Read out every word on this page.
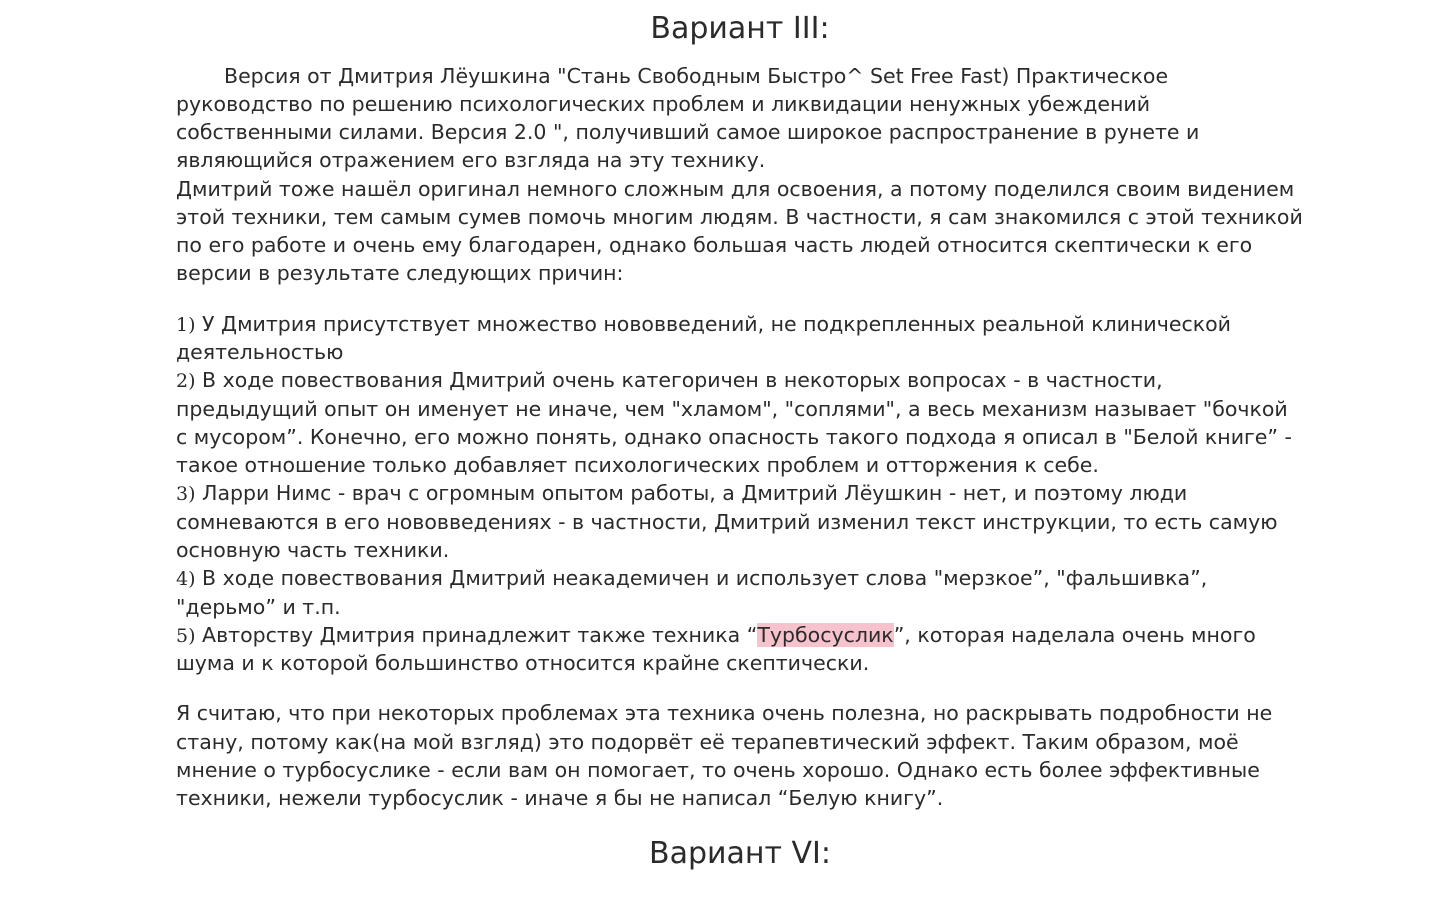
Вариант III:

Версия от Дмитрия Лёушкина "Стань Свободным Быстро^ Set Free Fast) Практическое руководство по решению психологических проблем и ликвидации ненужных убеждений собственными силами. Версия 2.0 ", получивший самое широкое распространение в рунете и являющийся отражением его взгляда на эту технику.

Дмитрий тоже нашёл оригинал немного сложным для освоения, а потому поделился своим видением этой техники, тем самым сумев помочь многим людям. В частности, я сам знакомился с этой техникой по его работе и очень ему благодарен, однако большая часть людей относится скептически к его версии в результате следующих причин:

1) У Дмитрия присутствует множество нововведений, не подкрепленных реальной клинической деятельностью

2) В ходе повествования Дмитрий очень категоричен в некоторых вопросах - в частности, предыдущий опыт он именует не иначе, чем "хламом", "соплями", а весь механизм называет "бочкой с мусором”. Конечно, его можно понять, однако опасность такого подхода я описал в "Белой книге” - такое отношение только добавляет психологических проблем и отторжения к себе.

3) Ларри Нимс - врач с огромным опытом работы, а Дмитрий Лёушкин - нет, и поэтому люди сомневаются в его нововведениях - в частности, Дмитрий изменил текст инструкции, то есть самую основную часть техники.

4) В ходе повествования Дмитрий неакадемичен и использует слова "мерзкое”, "фальшивка”, "дерьмо” и т.п.

5) Авторству Дмитрия принадлежит также техника “Турбосуслик”, которая наделала очень много шума и к которой большинство относится крайне скептически.

Я считаю, что при некоторых проблемах эта техника очень полезна, но раскрывать подробности не стану, потому как(на мой взгляд) это подорвёт её терапевтический эффект. Таким образом, моё мнение о турбосуслике - если вам он помогает, то очень хорошо. Однако есть более эффективные техники, нежели турбосуслик - иначе я бы не написал “Белую книгу”.

Вариант VI:
